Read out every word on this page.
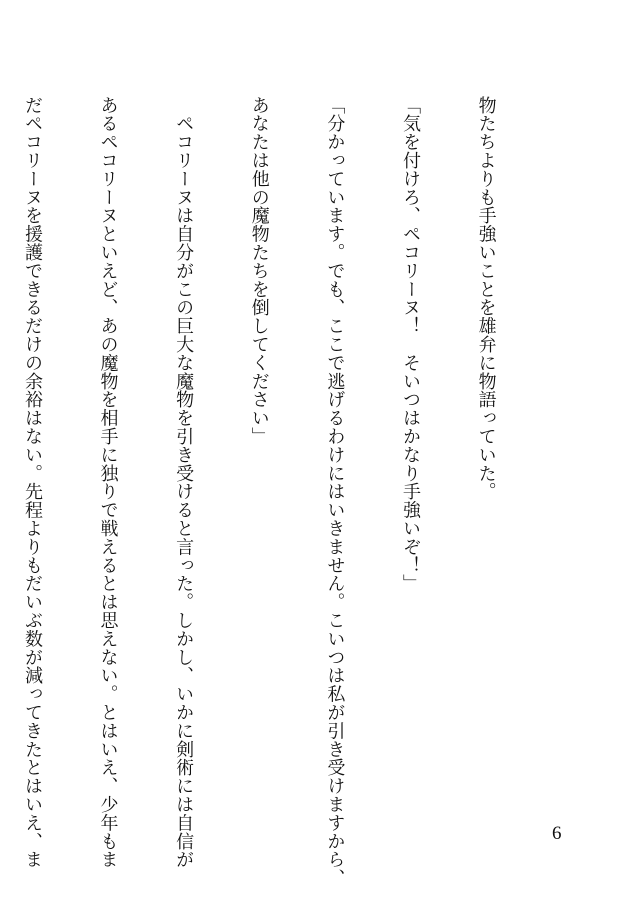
物たちよりも手強いことを雄弁に物語っていた。

「気を付けろ、ペコリーヌ！　そいつはかなり手強いぞ！」

「分かっています。でも、ここで逃げるわけにはいきません。こいつは私が引き受けますから、

あなたは他の魔物たちを倒してください」

　ペコリーヌは自分がこの巨大な魔物を引き受けると言った。しかし、いかに剣術には自信が

あるペコリーヌといえど、あの魔物を相手に独りで戦えるとは思えない。とはいえ、少年もま

だペコリーヌを援護できるだけの余裕はない。先程よりもだいぶ数が減ってきたとはいえ、ま

	6
